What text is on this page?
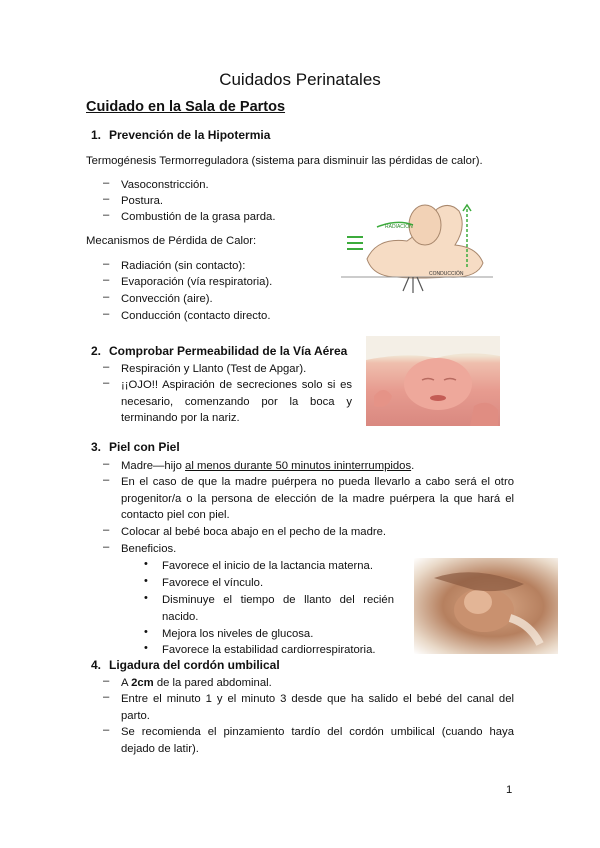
Cuidados Perinatales
Cuidado en la Sala de Partos
1. Prevención de la Hipotermia
Termogénesis Termorreguladora (sistema para disminuir las pérdidas de calor).
– Vasoconstricción.
– Postura.
– Combustión de la grasa parda.
Mecanismos de Pérdida de Calor:
– Radiación (sin contacto):
– Evaporación (vía respiratoria).
– Convección (aire).
– Conducción (contacto directo.
RADIACIÓN
CONDUCCIÓN
2. Comprobar Permeabilidad de la Vía Aérea
– Respiración y Llanto (Test de Apgar).
– ¡¡OJO!! Aspiración de secreciones solo si es necesario, comenzando por la boca y terminando por la nariz.
3. Piel con Piel
– Madre—hijo al menos durante 50 minutos ininterrumpidos.
– En el caso de que la madre puérpera no pueda llevarlo a cabo será el otro progenitor/a o la persona de elección de la madre puérpera la que hará el contacto piel con piel.
– Colocar al bebé boca abajo en el pecho de la madre.
– Beneficios.
• Favorece el inicio de la lactancia materna.
• Favorece el vínculo.
• Disminuye el tiempo de llanto del recién nacido.
• Mejora los niveles de glucosa.
• Favorece la estabilidad cardiorrespiratoria.
4. Ligadura del cordón umbilical
– A 2cm de la pared abdominal.
– Entre el minuto 1 y el minuto 3 desde que ha salido el bebé del canal del parto.
– Se recomienda el pinzamiento tardío del cordón umbilical (cuando haya dejado de latir).
1
